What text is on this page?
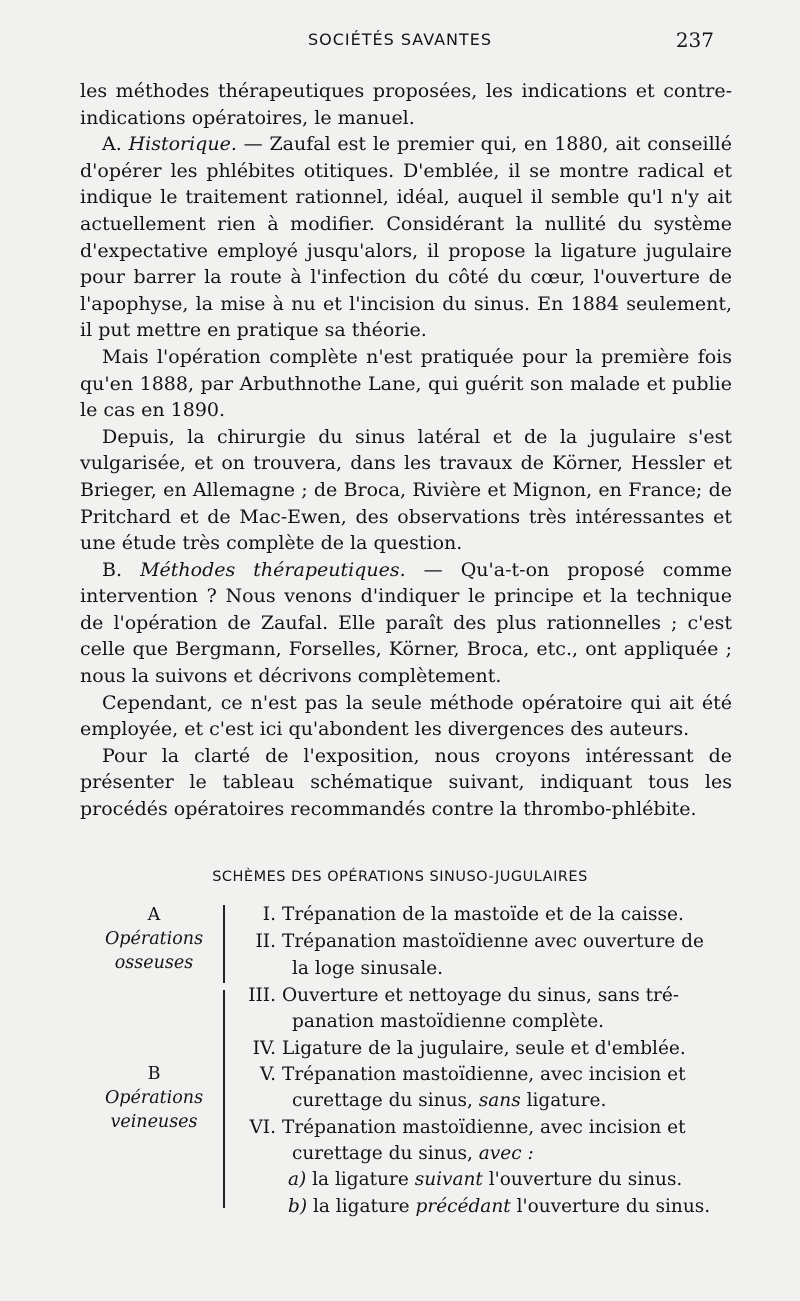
SOCIÉTÉS SAVANTES	237

les méthodes thérapeutiques proposées, les indications et contre-indications opératoires, le manuel.

A. Historique. — Zaufal est le premier qui, en 1880, ait conseillé d'opérer les phlébites otitiques. D'emblée, il se montre radical et indique le traitement rationnel, idéal, auquel il semble qu'l n'y ait actuellement rien à modifier. Considérant la nullité du système d'expectative employé jusqu'alors, il propose la ligature jugulaire pour barrer la route à l'infection du côté du cœur, l'ouverture de l'apophyse, la mise à nu et l'incision du sinus. En 1884 seulement, il put mettre en pratique sa théorie.

Mais l'opération complète n'est pratiquée pour la première fois qu'en 1888, par Arbuthnothe Lane, qui guérit son malade et publie le cas en 1890.

Depuis, la chirurgie du sinus latéral et de la jugulaire s'est vulgarisée, et on trouvera, dans les travaux de Körner, Hessler et Brieger, en Allemagne ; de Broca, Rivière et Mignon, en France; de Pritchard et de Mac-Ewen, des observations très intéressantes et une étude très complète de la question.

B. Méthodes thérapeutiques. — Qu'a-t-on proposé comme intervention ? Nous venons d'indiquer le principe et la technique de l'opération de Zaufal. Elle paraît des plus rationnelles ; c'est celle que Bergmann, Forselles, Körner, Broca, etc., ont appliquée ; nous la suivons et décrivons complètement.

Cependant, ce n'est pas la seule méthode opératoire qui ait été employée, et c'est ici qu'abondent les divergences des auteurs.

Pour la clarté de l'exposition, nous croyons intéressant de présenter le tableau schématique suivant, indiquant tous les procédés opératoires recommandés contre la thrombo-phlébite.

SCHÈMES DES OPÉRATIONS SINUSO-JUGULAIRES
A
Opérations
osseuses
B
Opérations
veineuses
I. Trépanation de la mastoïde et de la caisse.
II. Trépanation mastoïdienne avec ouverture de
la loge sinusale.
III. Ouverture et nettoyage du sinus, sans tré-
panation mastoïdienne complète.
IV. Ligature de la jugulaire, seule et d'emblée.
V. Trépanation mastoïdienne, avec incision et
curettage du sinus, sans ligature.
VI. Trépanation mastoïdienne, avec incision et
curettage du sinus, avec :
a) la ligature suivant l'ouverture du sinus.
b) la ligature précédant l'ouverture du sinus.
